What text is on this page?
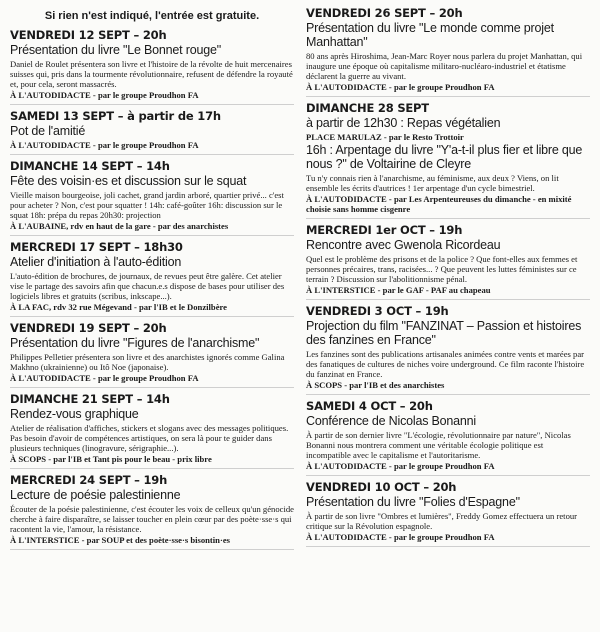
Si rien n'est indiqué, l'entrée est gratuite.
VENDREDI 12 SEPT – 20h
Présentation du livre "Le Bonnet rouge"
Daniel de Roulet présentera son livre et l'histoire de la révolte de huit mercenaires suisses qui, pris dans la tourmente révolutionnaire, refusent de défendre la royauté et, pour cela, seront massacrés.
À L'AUTODIDACTE - par le groupe Proudhon FA
SAMEDI 13 SEPT – à partir de 17h
Pot de l'amitié
À L'AUTODIDACTE - par le groupe Proudhon FA
DIMANCHE 14 SEPT – 14h
Fête des voisin·es et discussion sur le squat
Vieille maison bourgeoise, joli cachet, grand jardin arboré, quartier privé... c'est pour acheter ? Non, c'est pour squatter ! 14h: café-goûter 16h: discussion sur le squat 18h: prépa du repas 20h30: projection
À L'AUBAINE, rdv en haut de la gare - par des anarchistes
MERCREDI 17 SEPT – 18h30
Atelier d'initiation à l'auto-édition
L'auto-édition de brochures, de journaux, de revues peut être galère. Cet atelier vise le partage des savoirs afin que chacun.e.s dispose de bases pour utiliser des logiciels libres et gratuits (scribus, inkscape...).
À LA FAC, rdv 32 rue Mégevand - par l'IB et le Donzilbère
VENDREDI 19 SEPT – 20h
Présentation du livre "Figures de l'anarchisme"
Philippes Pelletier présentera son livre et des anarchistes ignorés comme Galina Makhno (ukrainienne) ou Itô Noe (japonaise).
À L'AUTODIDACTE - par le groupe Proudhon FA
DIMANCHE 21 SEPT – 14h
Rendez-vous graphique
Atelier de réalisation d'affiches, stickers et slogans avec des messages politiques. Pas besoin d'avoir de compétences artistiques, on sera là pour te guider dans plusieurs techniques (linogravure, sérigraphie...).
À SCOPS - par l'IB et Tant pis pour le beau - prix libre
MERCREDI 24 SEPT – 19h
Lecture de poésie palestinienne
Écouter de la poésie palestinienne, c'est écouter les voix de celleux qu'un génocide cherche à faire disparaître, se laisser toucher en plein cœur par des poète·sse·s qui racontent la vie, l'amour, la résistance.
À L'INTERSTICE - par SOUP et des poète·sse·s bisontin·es
VENDREDI 26 SEPT – 20h
Présentation du livre "Le monde comme projet Manhattan"
80 ans après Hiroshima, Jean-Marc Royer nous parlera du projet Manhattan, qui inaugure une époque où capitalisme militaro-nucléaro-industriel et étatisme déclarent la guerre au vivant.
À L'AUTODIDACTE - par le groupe Proudhon FA
DIMANCHE 28 SEPT
à partir de 12h30 : Repas végétalien
PLACE MARULAZ - par le Resto Trottoir
16h : Arpentage du livre "Y'a-t-il plus fier et libre que nous ?" de Voltairine de Cleyre
Tu n'y connais rien à l'anarchisme, au féminisme, aux deux ? Viens, on lit ensemble les écrits d'autrices ! 1er arpentage d'un cycle bimestriel.
À L'AUTODIDACTE - par Les Arpenteureuses du dimanche - en mixité choisie sans homme cisgenre
MERCREDI 1er OCT – 19h
Rencontre avec Gwenola Ricordeau
Quel est le problème des prisons et de la police ? Que font-elles aux femmes et personnes précaires, trans, racisées... ? Que peuvent les luttes féministes sur ce terrain ? Discussion sur l'abolitionnisme pénal.
À L'INTERSTICE - par le GAF - PAF au chapeau
VENDREDI 3 OCT – 19h
Projection du film "FANZINAT – Passion et histoires des fanzines en France"
Les fanzines sont des publications artisanales animées contre vents et marées par des fanatiques de cultures de niches voire underground. Ce film raconte l'histoire du fanzinat en France.
À SCOPS - par l'IB et des anarchistes
SAMEDI 4 OCT – 20h
Conférence de Nicolas Bonanni
À partir de son dernier livre "L'écologie, révolutionnaire par nature", Nicolas Bonanni nous montrera comment une véritable écologie politique est incompatible avec le capitalisme et l'autoritarisme.
À L'AUTODIDACTE - par le groupe Proudhon FA
VENDREDI 10 OCT – 20h
Présentation du livre "Folies d'Espagne"
À partir de son livre "Ombres et lumières", Freddy Gomez effectuera un retour critique sur la Révolution espagnole.
À L'AUTODIDACTE - par le groupe Proudhon FA
